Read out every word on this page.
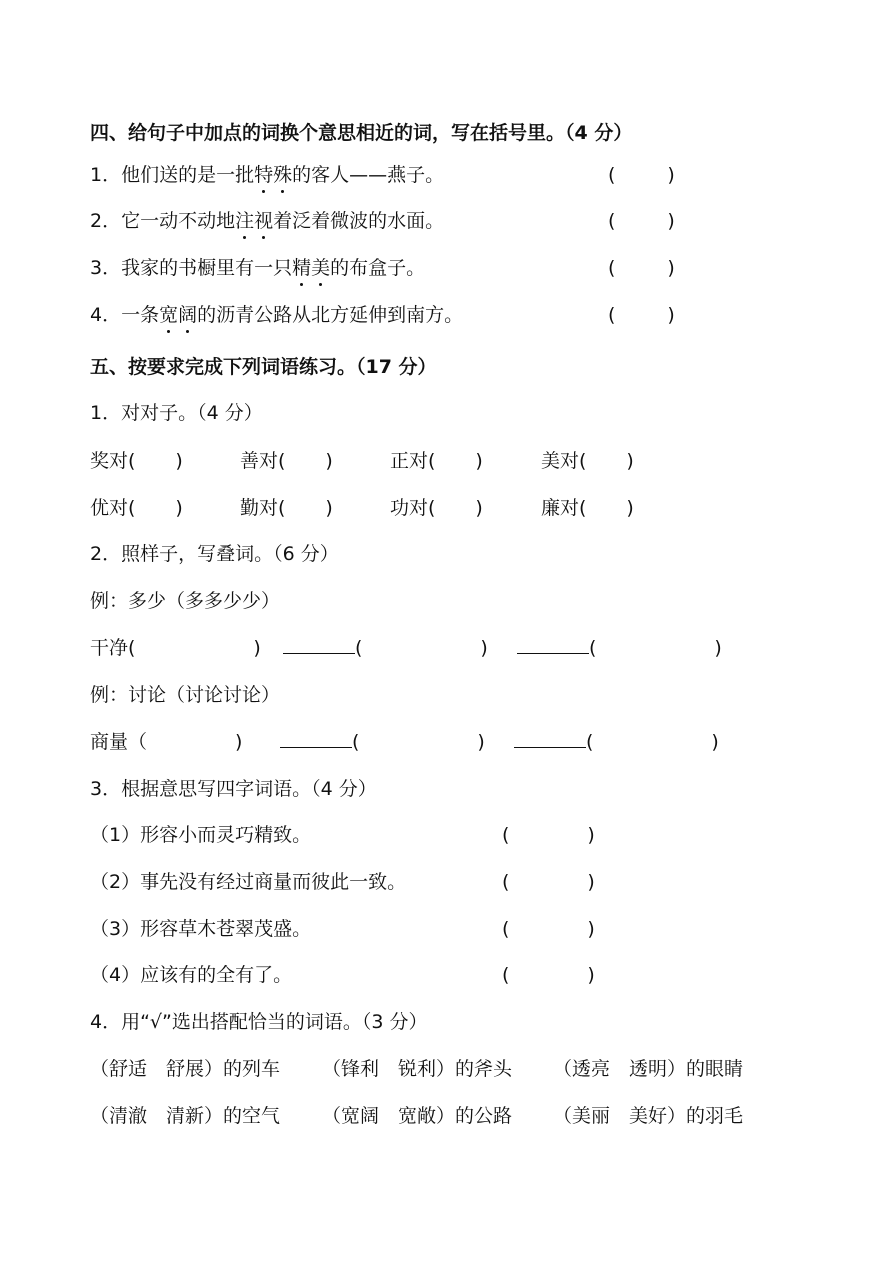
四、给句子中加点的词换个意思相近的词，写在括号里。（4 分）
1．他们送的是一批特殊的客人——燕子。	(	)
2．它一动不动地注视着泛着微波的水面。	(	)
3．我家的书橱里有一只精美的布盒子。	(	)
4．一条宽阔的沥青公路从北方延伸到南方。	(	)
五、按要求完成下列词语练习。（17 分）
1．对对子。（4 分）
奖对( )	善对( )	正对( )	美对( )
优对( )	勤对( )	功对( )	廉对( )
2．照样子，写叠词。（6 分）
例：多少（多多少少）
干净(	)	(	)	(	)
例：讨论（讨论讨论）
商量（	)	(	)	(	)
3．根据意思写四字词语。（4 分）
（1）形容小而灵巧精致。	(	)
（2）事先没有经过商量而彼此一致。	(	)
（3）形容草木苍翠茂盛。	(	)
（4）应该有的全有了。	(	)
4．用“√”选出搭配恰当的词语。（3 分）
（舒适　舒展）的列车 （锋利　锐利）的斧头 （透亮　透明）的眼睛
（清澈　清新）的空气 （宽阔　宽敞）的公路 （美丽　美好）的羽毛
